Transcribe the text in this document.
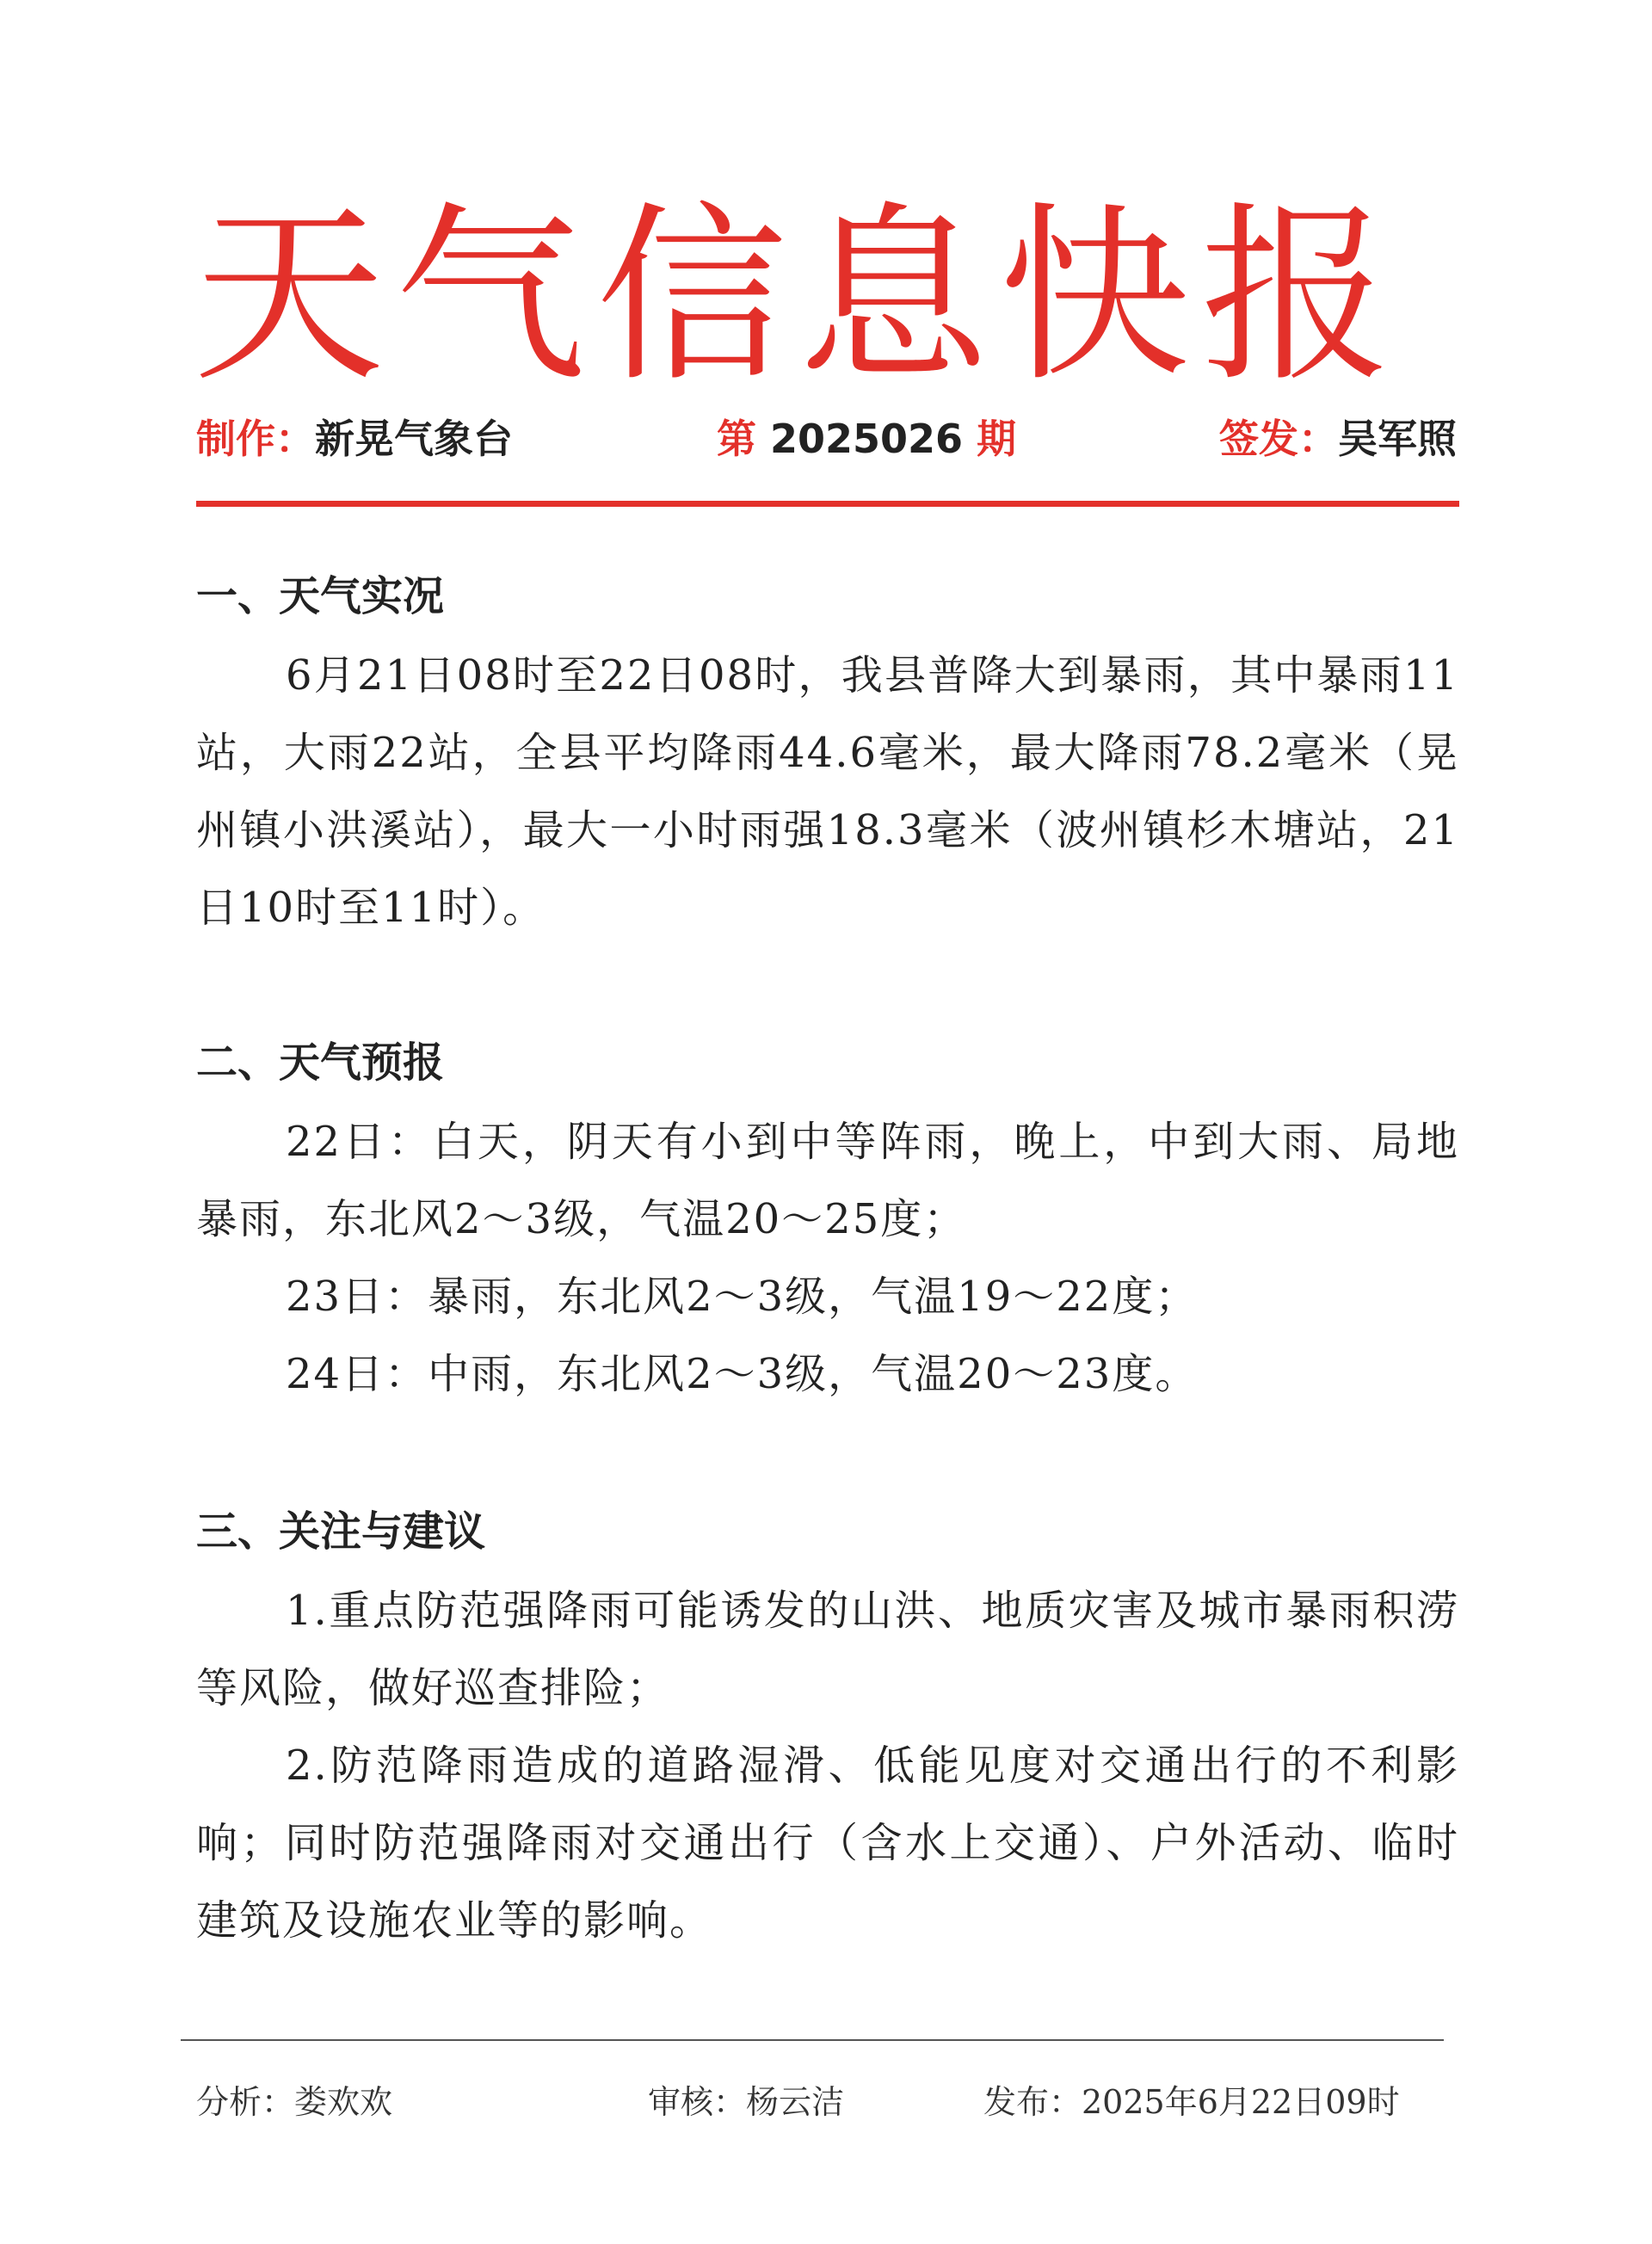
天气信息快报
制作：新晃气象台	第 2025026 期	签发：吴军照
一、天气实况
6月21日08时至22日08时，我县普降大到暴雨，其中暴雨11站，大雨22站，全县平均降雨44.6毫米，最大降雨78.2毫米（晃州镇小洪溪站），最大一小时雨强18.3毫米（波州镇杉木塘站，21日10时至11时）。
二、天气预报
22日：白天，阴天有小到中等阵雨，晚上，中到大雨、局地暴雨，东北风2～3级，气温20～25度；
23日：暴雨，东北风2～3级，气温19～22度；
24日：中雨，东北风2～3级，气温20～23度。
三、关注与建议
1.重点防范强降雨可能诱发的山洪、地质灾害及城市暴雨积涝等风险，做好巡查排险；
2.防范降雨造成的道路湿滑、低能见度对交通出行的不利影响；同时防范强降雨对交通出行（含水上交通）、户外活动、临时建筑及设施农业等的影响。
分析：娄欢欢	审核：杨云洁	发布：2025年6月22日09时
